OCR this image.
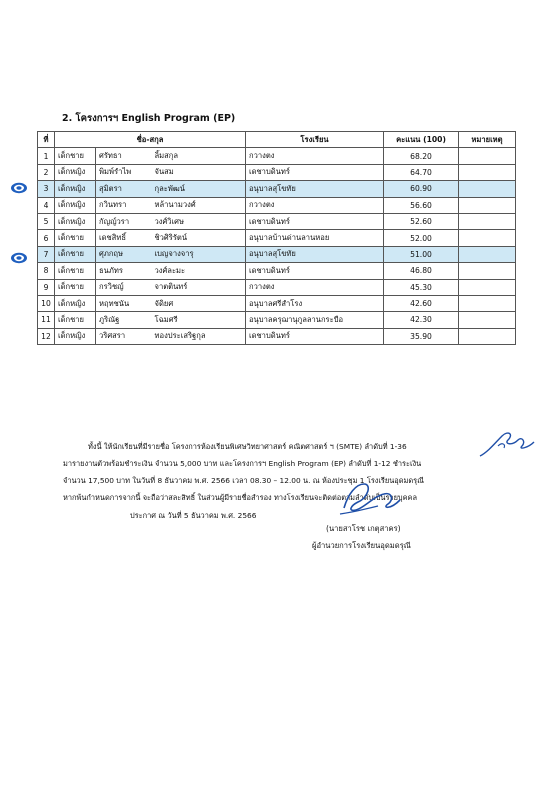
2. โครงการฯ English Program (EP)
ที่	ชื่อ-สกุล			โรงเรียน	คะแนน (100)	หมายเหตุ
1	เด็กชาย	ศรัทธา	ลิ้มสกุล	กวางตง	68.20	
2	เด็กหญิง	พิมพ์รำไพ	จันสม	เดชาบดินทร์	64.70	
3	เด็กหญิง	สุมิตรา	กุละพัฒน์	อนุบาลสุโขทัย	60.90	
4	เด็กหญิง	กวินทรา	หล้านามวงศ์	กวางตง	56.60	
5	เด็กหญิง	กัญญ์วรา	วงศ์วิเศษ	เดชาบดินทร์	52.60	
6	เด็กชาย	เดชสิทธิ์	ชิวศิริรัตน์	อนุบาลบ้านด่านลานหอย	52.00	
7	เด็กชาย	ศุภกฤษ	เบญจางจารุ	อนุบาลสุโขทัย	51.00	
8	เด็กชาย	ธนภัทร	วงศ์ละมะ	เดชาบดินทร์	46.80	
9	เด็กชาย	กรวิชญ์	จาตตินทร์	กวางตง	45.30	
10	เด็กหญิง	หฤทชนัน	จัดิยศ	อนุบาลศรีสำโรง	42.60	
11	เด็กชาย	ภูริณัฐ	โฉมศรี	อนุบาลครุฌานุกูลลานกระบือ	42.30	
12	เด็กหญิง	วริศสรา	ทองประเสริฐกุล	เดชาบดินทร์	35.90	
ทั้งนี้ ให้นักเรียนที่มีรายชื่อ โครงการห้องเรียนพิเศษวิทยาศาสตร์ คณิตศาสตร์ ฯ (SMTE) ลำดับที่ 1-36
มารายงานตัวพร้อมชำระเงิน จำนวน 5,000 บาท และโครงการฯ English Program (EP) ลำดับที่ 1-12 ชำระเงิน
จำนวน 17,500 บาท ในวันที่ 8 ธันวาคม พ.ศ. 2566 เวลา 08.30 – 12.00 น. ณ ห้องประชุม 1 โรงเรียนอุดมดรุณี
หากพ้นกำหนดการจากนี้ จะถือว่าสละสิทธิ์ ในส่วนผู้มีรายชื่อสำรอง ทางโรงเรียนจะติดต่อตามลำดับเป็นรายบุคคล
ประกาศ ณ วันที่ 5 ธันวาคม พ.ศ. 2566
(นายสาโรช เกตุสาคร)
ผู้อำนวยการโรงเรียนอุดมดรุณี
